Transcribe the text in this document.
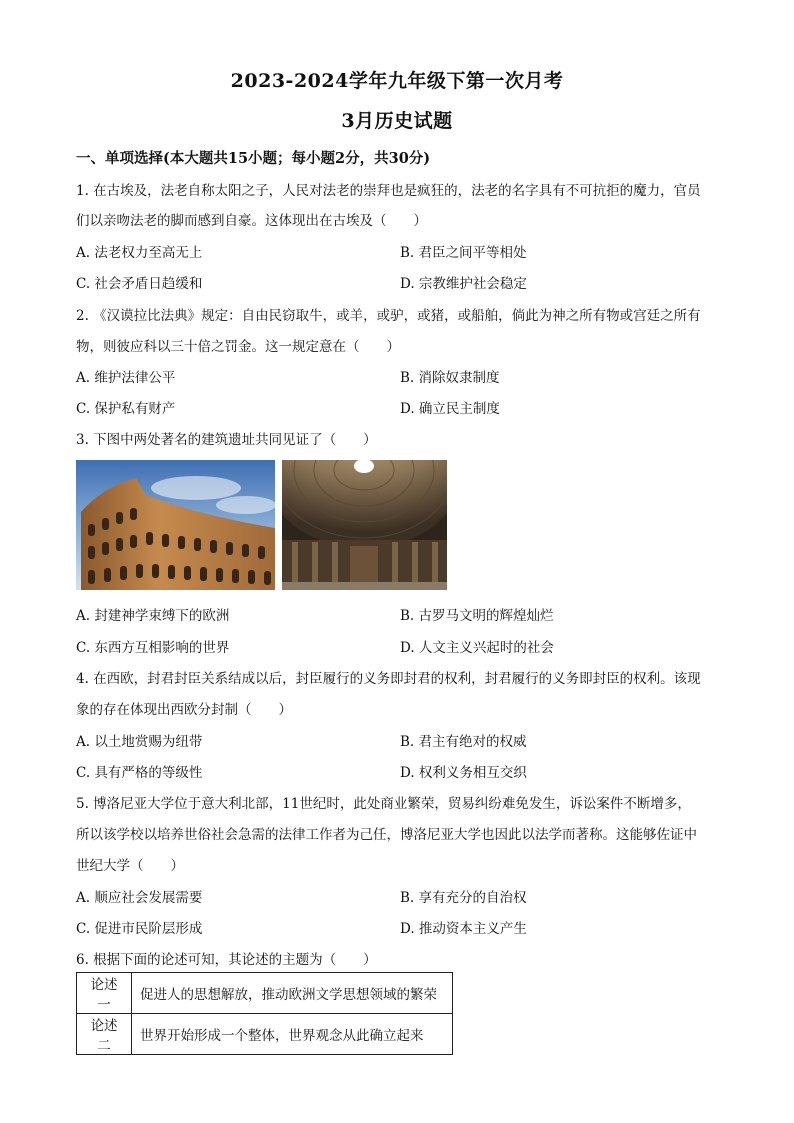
2023-2024学年九年级下第一次月考
3月历史试题
一、单项选择(本大题共15小题；每小题2分，共30分)
1. 在古埃及，法老自称太阳之子，人民对法老的崇拜也是疯狂的，法老的名字具有不可抗拒的魔力，官员
们以亲吻法老的脚而感到自豪。这体现出在古埃及（　　）
A. 法老权力至高无上	B. 君臣之间平等相处
C. 社会矛盾日趋缓和	D. 宗教维护社会稳定
2. 《汉谟拉比法典》规定：自由民窃取牛，或羊，或驴，或猪，或船舶，倘此为神之所有物或宫廷之所有
物，则彼应科以三十倍之罚金。这一规定意在（　　）
A. 维护法律公平	B. 消除奴隶制度
C. 保护私有财产	D. 确立民主制度
3. 下图中两处著名的建筑遗址共同见证了（　　）
A. 封建神学束缚下的欧洲	B. 古罗马文明的辉煌灿烂
C. 东西方互相影响的世界	D. 人文主义兴起时的社会
4. 在西欧，封君封臣关系结成以后，封臣履行的义务即封君的权利，封君履行的义务即封臣的权利。该现
象的存在体现出西欧分封制（　　）
A. 以土地赏赐为纽带	B. 君主有绝对的权威
C. 具有严格的等级性	D. 权利义务相互交织
5. 博洛尼亚大学位于意大利北部，11世纪时，此处商业繁荣，贸易纠纷难免发生，诉讼案件不断增多，
所以该学校以培养世俗社会急需的法律工作者为己任，博洛尼亚大学也因此以法学而著称。这能够佐证中
世纪大学（　　）
A. 顺应社会发展需要	B. 享有充分的自治权
C. 促进市民阶层形成	D. 推动资本主义产生
6. 根据下面的论述可知，其论述的主题为（　　）
论述一	促进人的思想解放，推动欧洲文学思想领域的繁荣
论述二	世界开始形成一个整体，世界观念从此确立起来
